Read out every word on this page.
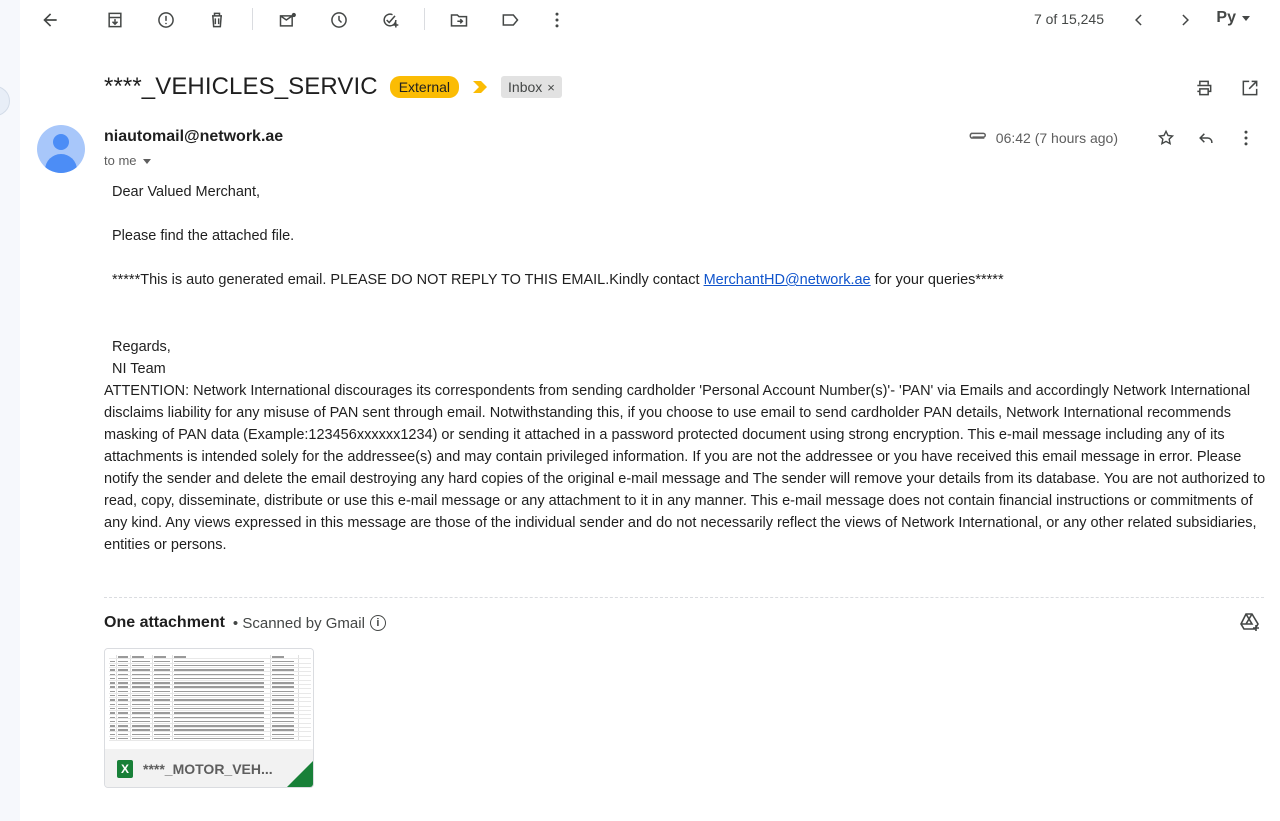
7 of 15,245	Pу
****_VEHICLES_SERVIC	External	Inbox ×
niautomail@network.ae
to me
06:42 (7 hours ago)
Dear Valued Merchant,
Please find the attached file.
*****This is auto generated email. PLEASE DO NOT REPLY TO THIS EMAIL.Kindly contact MerchantHD@network.ae for your queries*****
Regards,
NI Team
ATTENTION: Network International discourages its correspondents from sending cardholder 'Personal Account Number(s)'- 'PAN' via Emails and accordingly Network International disclaims liability for any misuse of PAN sent through email. Notwithstanding this, if you choose to use email to send cardholder PAN details, Network International recommends masking of PAN data (Example:123456xxxxxx1234) or sending it attached in a password protected document using strong encryption. This e-mail message including any of its attachments is intended solely for the addressee(s) and may contain privileged information. If you are not the addressee or you have received this email message in error. Please notify the sender and delete the email destroying any hard copies of the original e-mail message and The sender will remove your details from its database. You are not authorized to read, copy, disseminate, distribute or use this e-mail message or any attachment to it in any manner. This e-mail message does not contain financial instructions or commitments of any kind. Any views expressed in this message are those of the individual sender and do not necessarily reflect the views of Network International, or any other related subsidiaries, entities or persons.
One attachment • Scanned by Gmail	i
X ****_MOTOR_VEH...
